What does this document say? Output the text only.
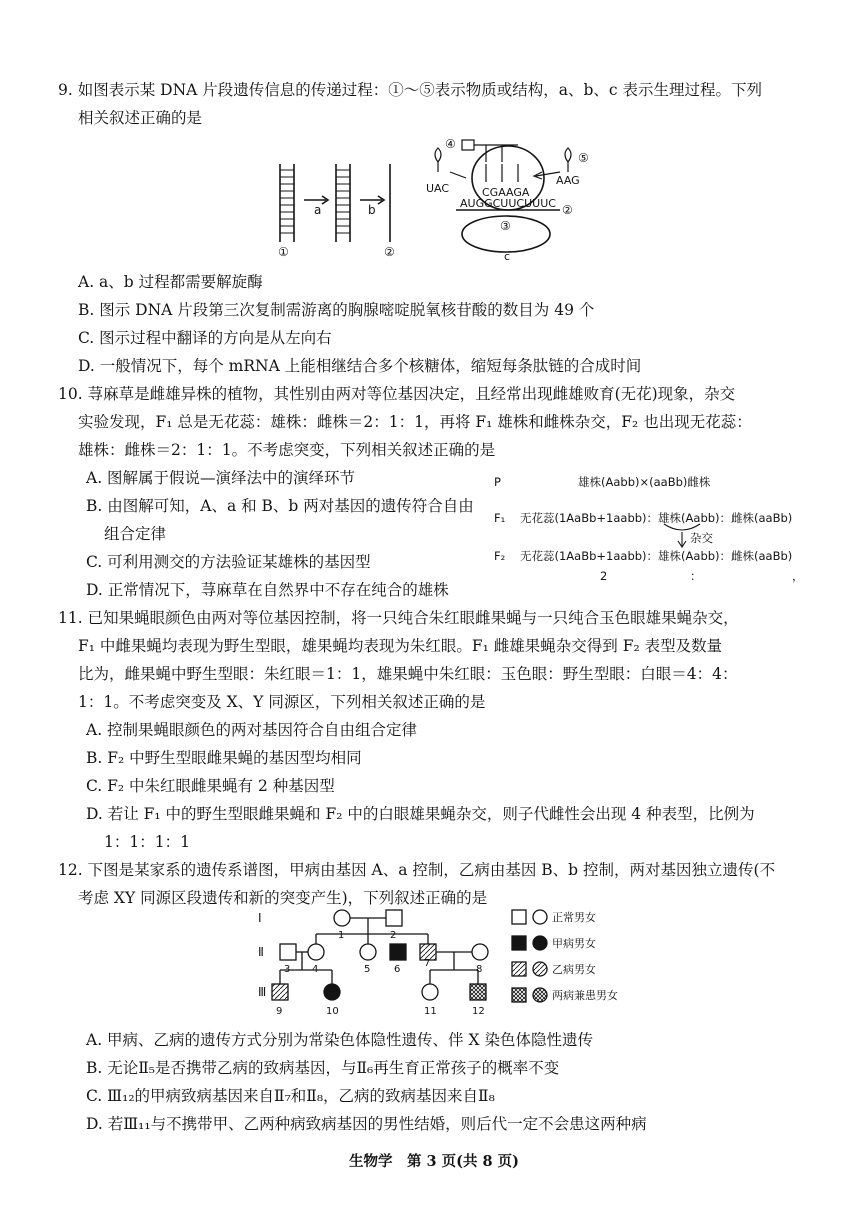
9. 如图表示某 DNA 片段遗传信息的传递过程：①～⑤表示物质或结构，a、b、c 表示生理过程。下列
相关叙述正确的是
①	②
a	b
c
④
⑤
③
②
UAC
AAG
CGAAGA
AUGGCUUCUUUC
A. a、b 过程都需要解旋酶
B. 图示 DNA 片段第三次复制需游离的胸腺嘧啶脱氧核苷酸的数目为 49 个
C. 图示过程中翻译的方向是从左向右
D. 一般情况下，每个 mRNA 上能相继结合多个核糖体，缩短每条肽链的合成时间
10. 荨麻草是雌雄异株的植物，其性别由两对等位基因决定，且经常出现雌雄败育(无花)现象，杂交
实验发现，F₁ 总是无花蕊：雄株：雌株＝2：1：1，再将 F₁ 雄株和雌株杂交，F₂ 也出现无花蕊：
雄株：雌株＝2：1：1。不考虑突变，下列相关叙述正确的是
A. 图解属于假说—演绎法中的演绎环节
B. 由图解可知，A、a 和 B、b 两对基因的遗传符合自由
组合定律
C. 可利用测交的方法验证某雄株的基因型
D. 正常情况下，荨麻草在自然界中不存在纯合的雄株
P	雄株(Aabb)×(aaBb)雌株
F₁ 无花蕊(1AaBb+1aabb)：雄株(Aabb)：雌株(aaBb)
杂交
F₂ 无花蕊(1AaBb+1aabb)：雄株(Aabb)：雌株(aaBb)
2	：	，
11. 已知果蝇眼颜色由两对等位基因控制，将一只纯合朱红眼雌果蝇与一只纯合玉色眼雄果蝇杂交，
F₁ 中雌果蝇均表现为野生型眼，雄果蝇均表现为朱红眼。F₁ 雌雄果蝇杂交得到 F₂ 表型及数量
比为，雌果蝇中野生型眼：朱红眼＝1：1，雄果蝇中朱红眼：玉色眼：野生型眼：白眼＝4：4：
1：1。不考虑突变及 X、Y 同源区，下列相关叙述正确的是
A. 控制果蝇眼颜色的两对基因符合自由组合定律
B. F₂ 中野生型眼雌果蝇的基因型均相同
C. F₂ 中朱红眼雌果蝇有 2 种基因型
D. 若让 F₁ 中的野生型眼雌果蝇和 F₂ 中的白眼雄果蝇杂交，则子代雌性会出现 4 种表型，比例为
1：1：1：1
12. 下图是某家系的遗传系谱图，甲病由基因 A、a 控制，乙病由基因 B、b 控制，两对基因独立遗传(不
考虑 XY 同源区段遗传和新的突变产生)，下列叙述正确的是
Ⅰ
Ⅱ
Ⅲ
1	2
3 4	5 6
7
8
9	10	11	12
正常男女
甲病男女
乙病男女
两病兼患男女
A. 甲病、乙病的遗传方式分别为常染色体隐性遗传、伴 X 染色体隐性遗传
B. 无论Ⅱ₅是否携带乙病的致病基因，与Ⅱ₆再生育正常孩子的概率不变
C. Ⅲ₁₂的甲病致病基因来自Ⅱ₇和Ⅱ₈，乙病的致病基因来自Ⅱ₈
D. 若Ⅲ₁₁与不携带甲、乙两种病致病基因的男性结婚，则后代一定不会患这两种病
生物学　第 3 页(共 8 页)
